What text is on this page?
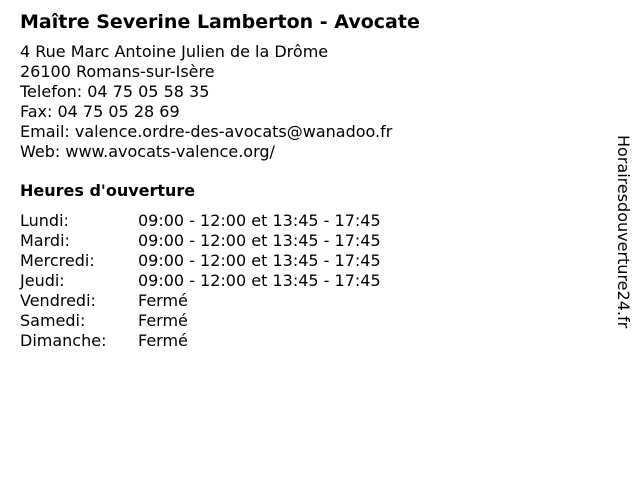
Maître Severine Lamberton - Avocate
4 Rue Marc Antoine Julien de la Drôme
26100 Romans-sur-Isère
Telefon: 04 75 05 58 35
Fax: 04 75 05 28 69
Email: valence.ordre-des-avocats@wanadoo.fr
Web: www.avocats-valence.org/
Heures d'ouverture
Lundi:	09:00 - 12:00 et 13:45 - 17:45
Mardi:	09:00 - 12:00 et 13:45 - 17:45
Mercredi:	09:00 - 12:00 et 13:45 - 17:45
Jeudi:	09:00 - 12:00 et 13:45 - 17:45
Vendredi:	Fermé
Samedi:	Fermé
Dimanche:	Fermé
Horairesdouverture24.fr
